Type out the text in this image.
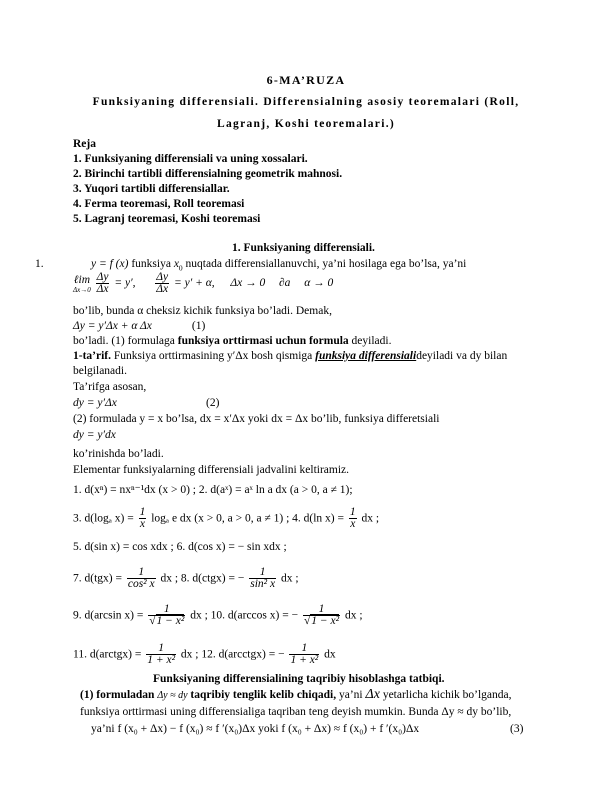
6-MA’RUZA
Funksiyaning differensiali. Differensialning asosiy teoremalari (Roll,
Lagranj, Koshi teoremalari.)
Reja
1. Funksiyaning differensiali va uning xossalari.
2. Birinchi tartibli differensialning geometrik mahnosi.
3. Yuqori tartibli differensiallar.
4. Ferma teoremasi, Roll teoremasi
5. Lagranj teoremasi, Koshi teoremasi
1. Funksiyaning differensiali.
1.	y = f (x) funksiya $x_0$ nuqtada differensiallanuvchi, ya’ni hosilaga ega bo’lsa, ya’ni
ℓim
Δx→0
$\frac{\Delta y}{\Delta x} = y'$, $\frac{\Delta y}{\Delta x} = y' + \alpha$, Δx → 0 ∂a α → 0
bo’lib, bunda α cheksiz kichik funksiya bo’ladi. Demak,
Δy = y′Δx + α Δx	(1)
bo’ladi. (1) formulaga funksiya orttirmasi uchun formula deyiladi.
1-ta’rif. Funksiya orttirmasining y′Δx bosh qismiga funksiya differensialideyiladi va dy bilan
belgilanadi.
Ta’rifga asosan,
dy = y′Δx	(2)
(2) formulada y = x bo’lsa, dx = x′Δx yoki dx = Δx bo’lib, funksiya differetsiali
dy = y′dx
ko’rinishda bo’ladi.
Elementar funksiyalarning differensiali jadvalini keltiramiz.
1. d(xⁿ) = nxⁿ⁻¹dx (x > 0) ; 2. d(aˣ) = aˣ ln a dx (a > 0, a ≠ 1);
3. d(logₐ $x) = \frac{1}{x}$ logₐ e dx (x > 0, a > 0, a ≠ 1) ; 4. d(ln $x) = \frac{1}{x}$ dx ;
5. d(sin x) = cos xdx ; 6. d(cos x) = − sin xdx ;
7. $d(tgx) = \frac{1}{\text{cos² x}}$ dx ; 8. d(ctgx) = − $\frac{1}{\text{sin² x}}$ dx ;
9. d(arcsin $x) = \frac{1}{\text{√1 − x²}}$ dx ; 10. d(arccos x) = − $\frac{1}{\text{√1 − x²}}$ dx ;
11. d(arctgx) = $\frac{1}{\text{1 + x²}}$ dx ; 12. d(arcctgx) = − $\frac{1}{\text{1 + x²}}$ dx
Funksiyaning differensialining taqribiy hisoblashga tatbiqi.
(1) formuladan Δy ≈ dy taqribiy tenglik kelib chiqadi, ya’ni Δx yetarlicha kichik bo’lganda,
funksiya orttirmasi uning differensialiga taqriban teng deyish mumkin. Bunda Δy ≈ dy bo’lib,
ya’ni f (x₀ + Δx) − f (x₀) ≈ f ′(x₀)Δx yoki f (x₀ + Δx) ≈ f (x₀) + f ′(x₀)Δx	(3)
